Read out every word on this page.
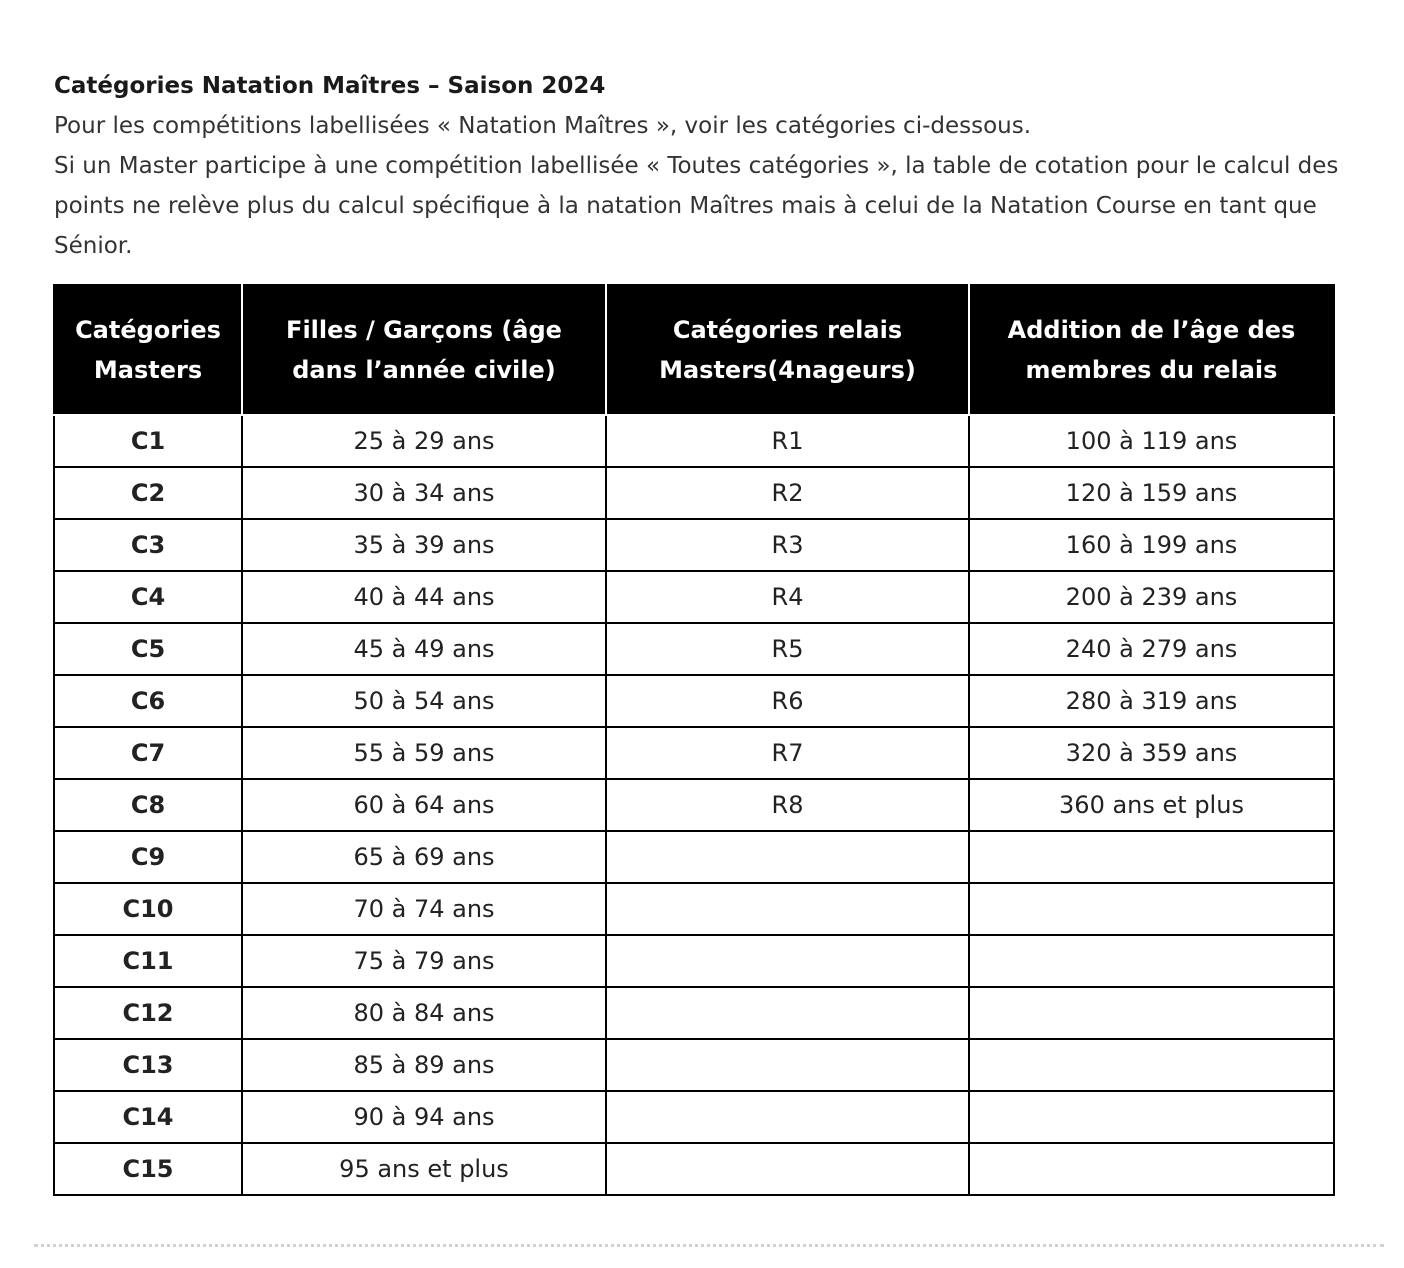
Catégories Natation Maîtres – Saison 2024

Pour les compétitions labellisées « Natation Maîtres », voir les catégories ci-dessous.

Si un Master participe à une compétition labellisée « Toutes catégories », la table de cotation pour le calcul des points ne relève plus du calcul spécifique à la natation Maîtres mais à celui de la Natation Course en tant que Sénior.

Catégories Masters	Filles / Garçons (âge dans l’année civile)	Catégories relais Masters(4nageurs)	Addition de l’âge des membres du relais
C1	25 à 29 ans	R1	100 à 119 ans
C2	30 à 34 ans	R2	120 à 159 ans
C3	35 à 39 ans	R3	160 à 199 ans
C4	40 à 44 ans	R4	200 à 239 ans
C5	45 à 49 ans	R5	240 à 279 ans
C6	50 à 54 ans	R6	280 à 319 ans
C7	55 à 59 ans	R7	320 à 359 ans
C8	60 à 64 ans	R8	360 ans et plus
C9	65 à 69 ans		
C10	70 à 74 ans		
C11	75 à 79 ans		
C12	80 à 84 ans		
C13	85 à 89 ans		
C14	90 à 94 ans		
C15	95 ans et plus		
